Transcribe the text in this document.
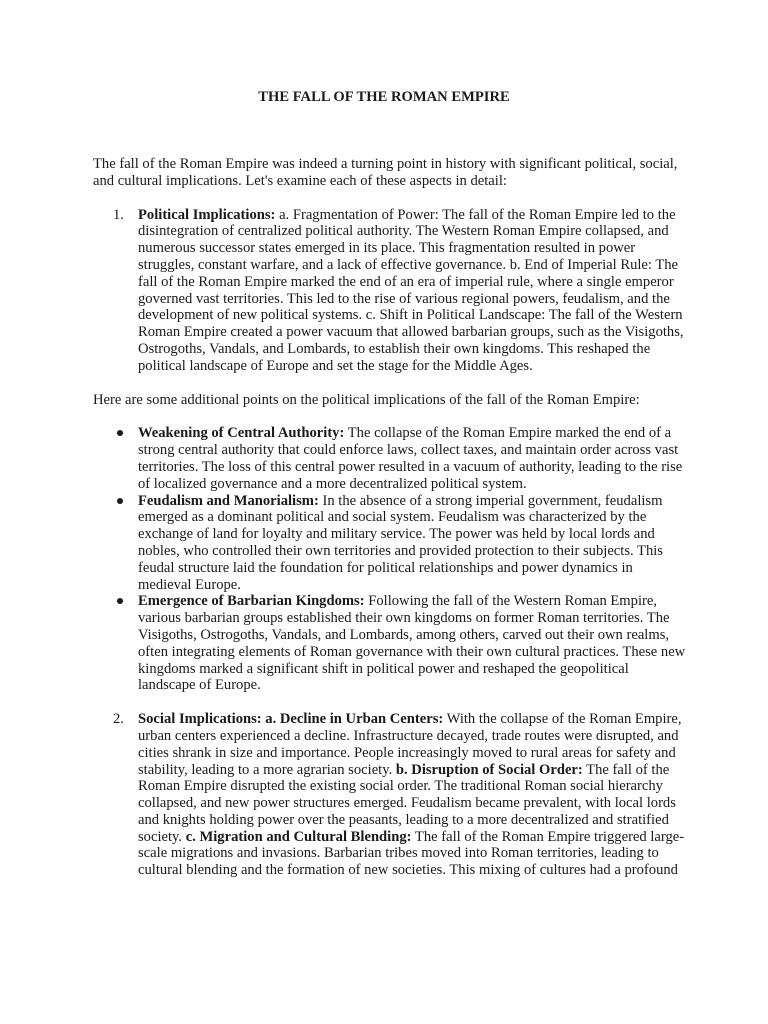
THE FALL OF THE ROMAN EMPIRE

The fall of the Roman Empire was indeed a turning point in history with significant political, social, and cultural implications. Let's examine each of these aspects in detail:

1. Political Implications: a. Fragmentation of Power: The fall of the Roman Empire led to the disintegration of centralized political authority. The Western Roman Empire collapsed, and numerous successor states emerged in its place. This fragmentation resulted in power struggles, constant warfare, and a lack of effective governance. b. End of Imperial Rule: The fall of the Roman Empire marked the end of an era of imperial rule, where a single emperor governed vast territories. This led to the rise of various regional powers, feudalism, and the development of new political systems. c. Shift in Political Landscape: The fall of the Western Roman Empire created a power vacuum that allowed barbarian groups, such as the Visigoths, Ostrogoths, Vandals, and Lombards, to establish their own kingdoms. This reshaped the political landscape of Europe and set the stage for the Middle Ages.

Here are some additional points on the political implications of the fall of the Roman Empire:

Weakening of Central Authority: The collapse of the Roman Empire marked the end of a strong central authority that could enforce laws, collect taxes, and maintain order across vast territories. The loss of this central power resulted in a vacuum of authority, leading to the rise of localized governance and a more decentralized political system.
Feudalism and Manorialism: In the absence of a strong imperial government, feudalism emerged as a dominant political and social system. Feudalism was characterized by the exchange of land for loyalty and military service. The power was held by local lords and nobles, who controlled their own territories and provided protection to their subjects. This feudal structure laid the foundation for political relationships and power dynamics in medieval Europe.
Emergence of Barbarian Kingdoms: Following the fall of the Western Roman Empire, various barbarian groups established their own kingdoms on former Roman territories. The Visigoths, Ostrogoths, Vandals, and Lombards, among others, carved out their own realms, often integrating elements of Roman governance with their own cultural practices. These new kingdoms marked a significant shift in political power and reshaped the geopolitical landscape of Europe.
2. Social Implications: a. Decline in Urban Centers: With the collapse of the Roman Empire, urban centers experienced a decline. Infrastructure decayed, trade routes were disrupted, and cities shrank in size and importance. People increasingly moved to rural areas for safety and stability, leading to a more agrarian society. b. Disruption of Social Order: The fall of the Roman Empire disrupted the existing social order. The traditional Roman social hierarchy collapsed, and new power structures emerged. Feudalism became prevalent, with local lords and knights holding power over the peasants, leading to a more decentralized and stratified society. c. Migration and Cultural Blending: The fall of the Roman Empire triggered large-scale migrations and invasions. Barbarian tribes moved into Roman territories, leading to cultural blending and the formation of new societies. This mixing of cultures had a profound
